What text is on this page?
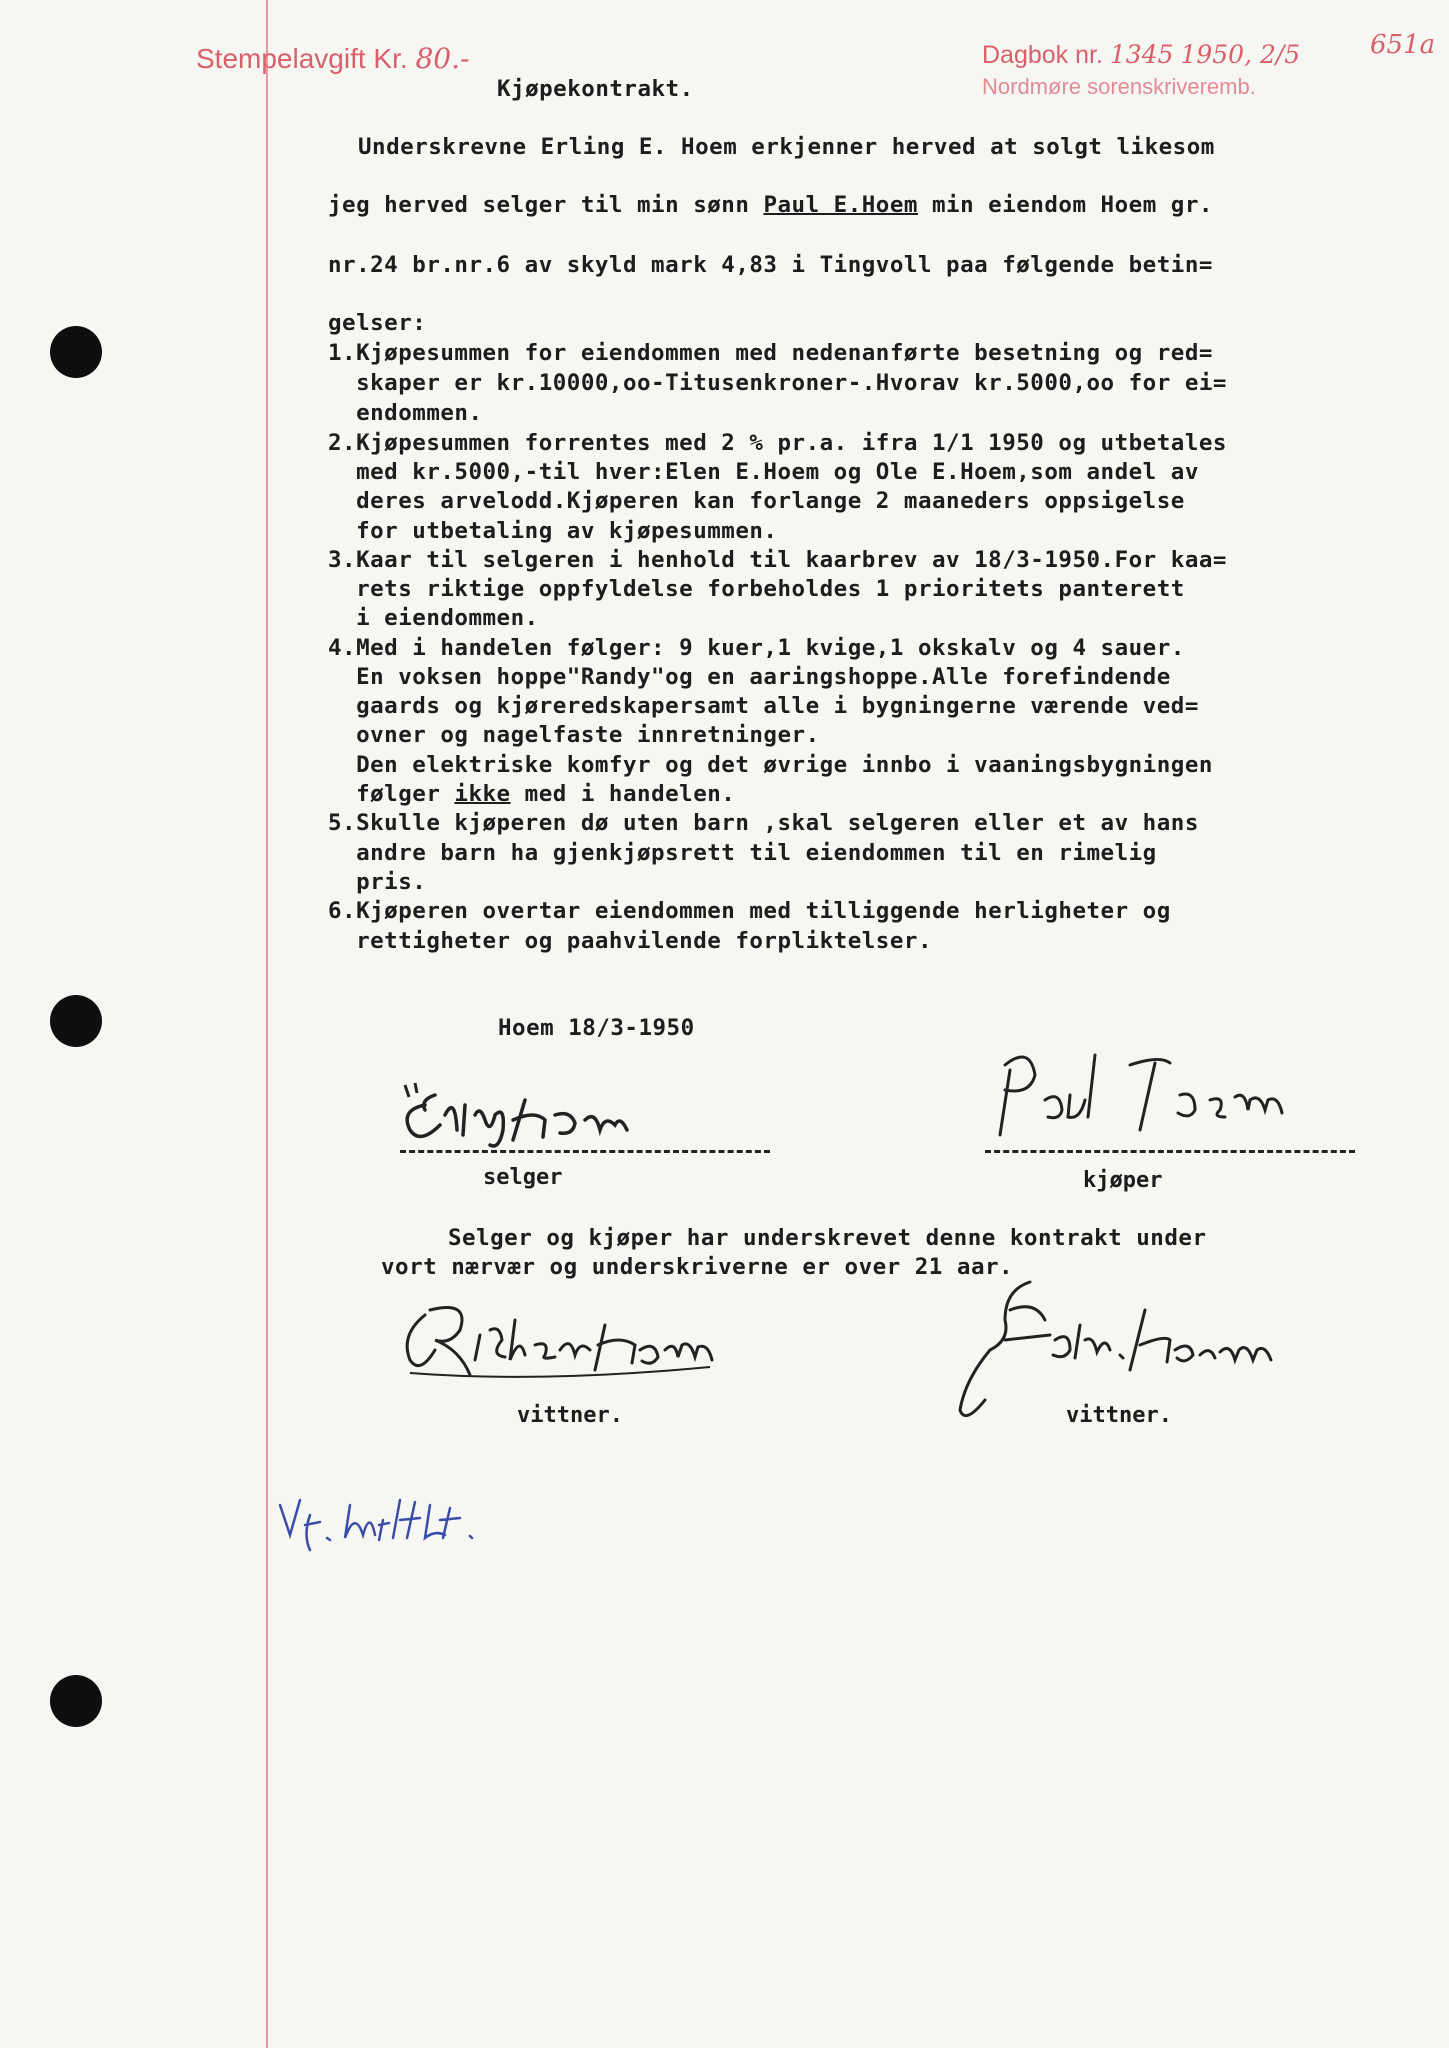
Stempelavgift Kr. 80.-	Dagbok nr. 1345 1950, 2/5
Nordmøre sorenskriveremb.
651a
Kjøpekontrakt.
Underskrevne Erling E. Hoem erkjenner herved at solgt likesom
jeg herved selger til min sønn Paul E.Hoem min eiendom Hoem gr.
nr.24 br.nr.6 av skyld mark 4,83 i Tingvoll paa følgende betin=
gelser:
1.Kjøpesummen for eiendommen med nedenanførte besetning og red=
skaper er kr.10000,oo-Titusenkroner-.Hvorav kr.5000,oo for ei=
endommen.
2.Kjøpesummen forrentes med 2 % pr.a. ifra 1/1 1950 og utbetales
med kr.5000,-til hver:Elen E.Hoem og Ole E.Hoem,som andel av
deres arvelodd.Kjøperen kan forlange 2 maaneders oppsigelse
for utbetaling av kjøpesummen.
3.Kaar til selgeren i henhold til kaarbrev av 18/3-1950.For kaa=
rets riktige oppfyldelse forbeholdes 1 prioritets panterett
i eiendommen.
4.Med i handelen følger: 9 kuer,1 kvige,1 okskalv og 4 sauer.
En voksen hoppe"Randy"og en aaringshoppe.Alle forefindende
gaards og kjøreredskapersamt alle i bygningerne værende ved=
ovner og nagelfaste innretninger.
Den elektriske komfyr og det øvrige innbo i vaaningsbygningen
følger ikke med i handelen.
5.Skulle kjøperen dø uten barn ,skal selgeren eller et av hans
andre barn ha gjenkjøpsrett til eiendommen til en rimelig
pris.
6.Kjøperen overtar eiendommen med tilliggende herligheter og
rettigheter og paahvilende forpliktelser.
Hoem 18/3-1950
selger	kjøper
Selger og kjøper har underskrevet denne kontrakt under
vort nærvær og underskriverne er over 21 aar.
vittner.	vittner.
